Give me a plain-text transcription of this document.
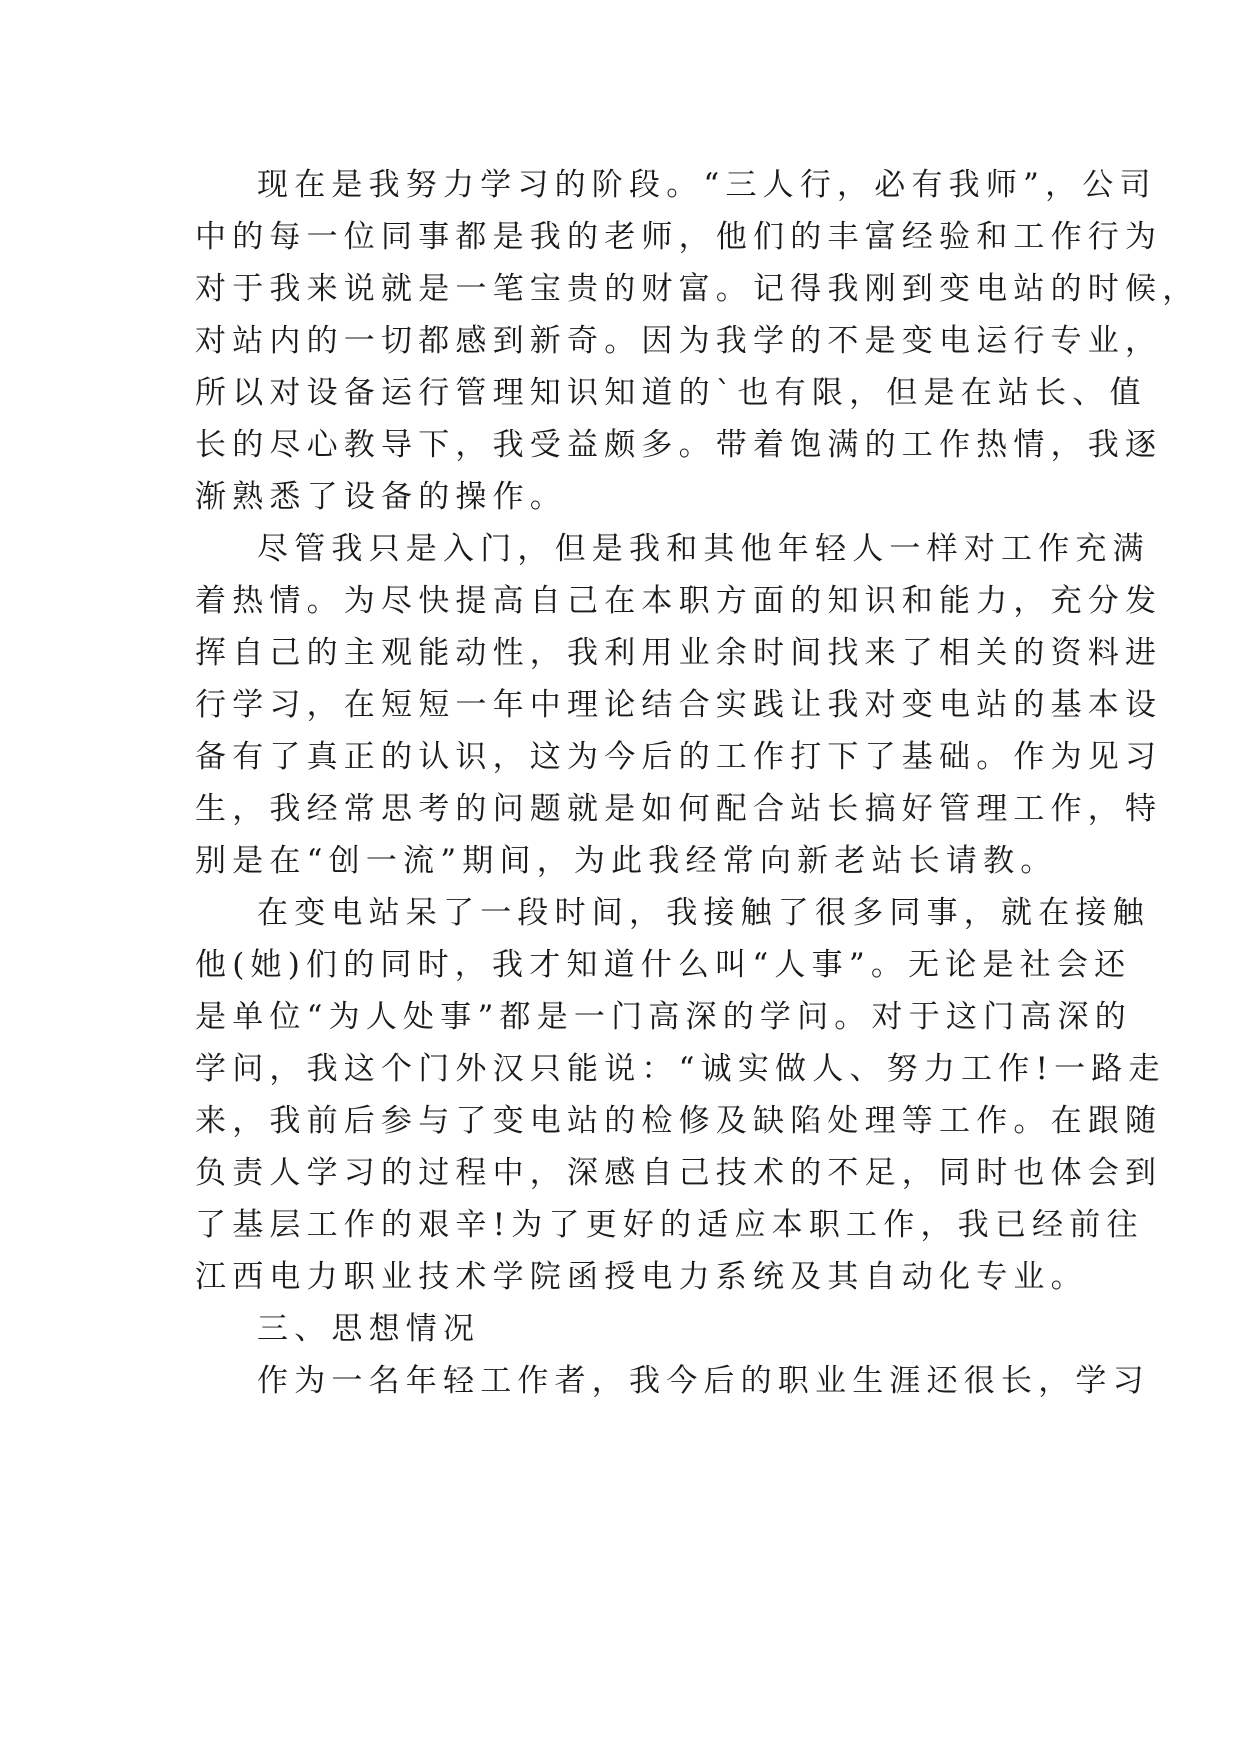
现在是我努力学习的阶段。“三人行，必有我师”，公司
中的每一位同事都是我的老师，他们的丰富经验和工作行为
对于我来说就是一笔宝贵的财富。记得我刚到变电站的时候，
对站内的一切都感到新奇。因为我学的不是变电运行专业，
所以对设备运行管理知识知道的`也有限，但是在站长、值
长的尽心教导下，我受益颇多。带着饱满的工作热情，我逐
渐熟悉了设备的操作。
尽管我只是入门，但是我和其他年轻人一样对工作充满
着热情。为尽快提高自己在本职方面的知识和能力，充分发
挥自己的主观能动性，我利用业余时间找来了相关的资料进
行学习，在短短一年中理论结合实践让我对变电站的基本设
备有了真正的认识，这为今后的工作打下了基础。作为见习
生，我经常思考的问题就是如何配合站长搞好管理工作，特
别是在“创一流”期间，为此我经常向新老站长请教。
在变电站呆了一段时间，我接触了很多同事，就在接触
他(她)们的同时，我才知道什么叫“人事”。无论是社会还
是单位“为人处事”都是一门高深的学问。对于这门高深的
学问，我这个门外汉只能说：“诚实做人、努力工作!一路走
来，我前后参与了变电站的检修及缺陷处理等工作。在跟随
负责人学习的过程中，深感自己技术的不足，同时也体会到
了基层工作的艰辛!为了更好的适应本职工作，我已经前往
江西电力职业技术学院函授电力系统及其自动化专业。
三、思想情况
作为一名年轻工作者，我今后的职业生涯还很长，学习
